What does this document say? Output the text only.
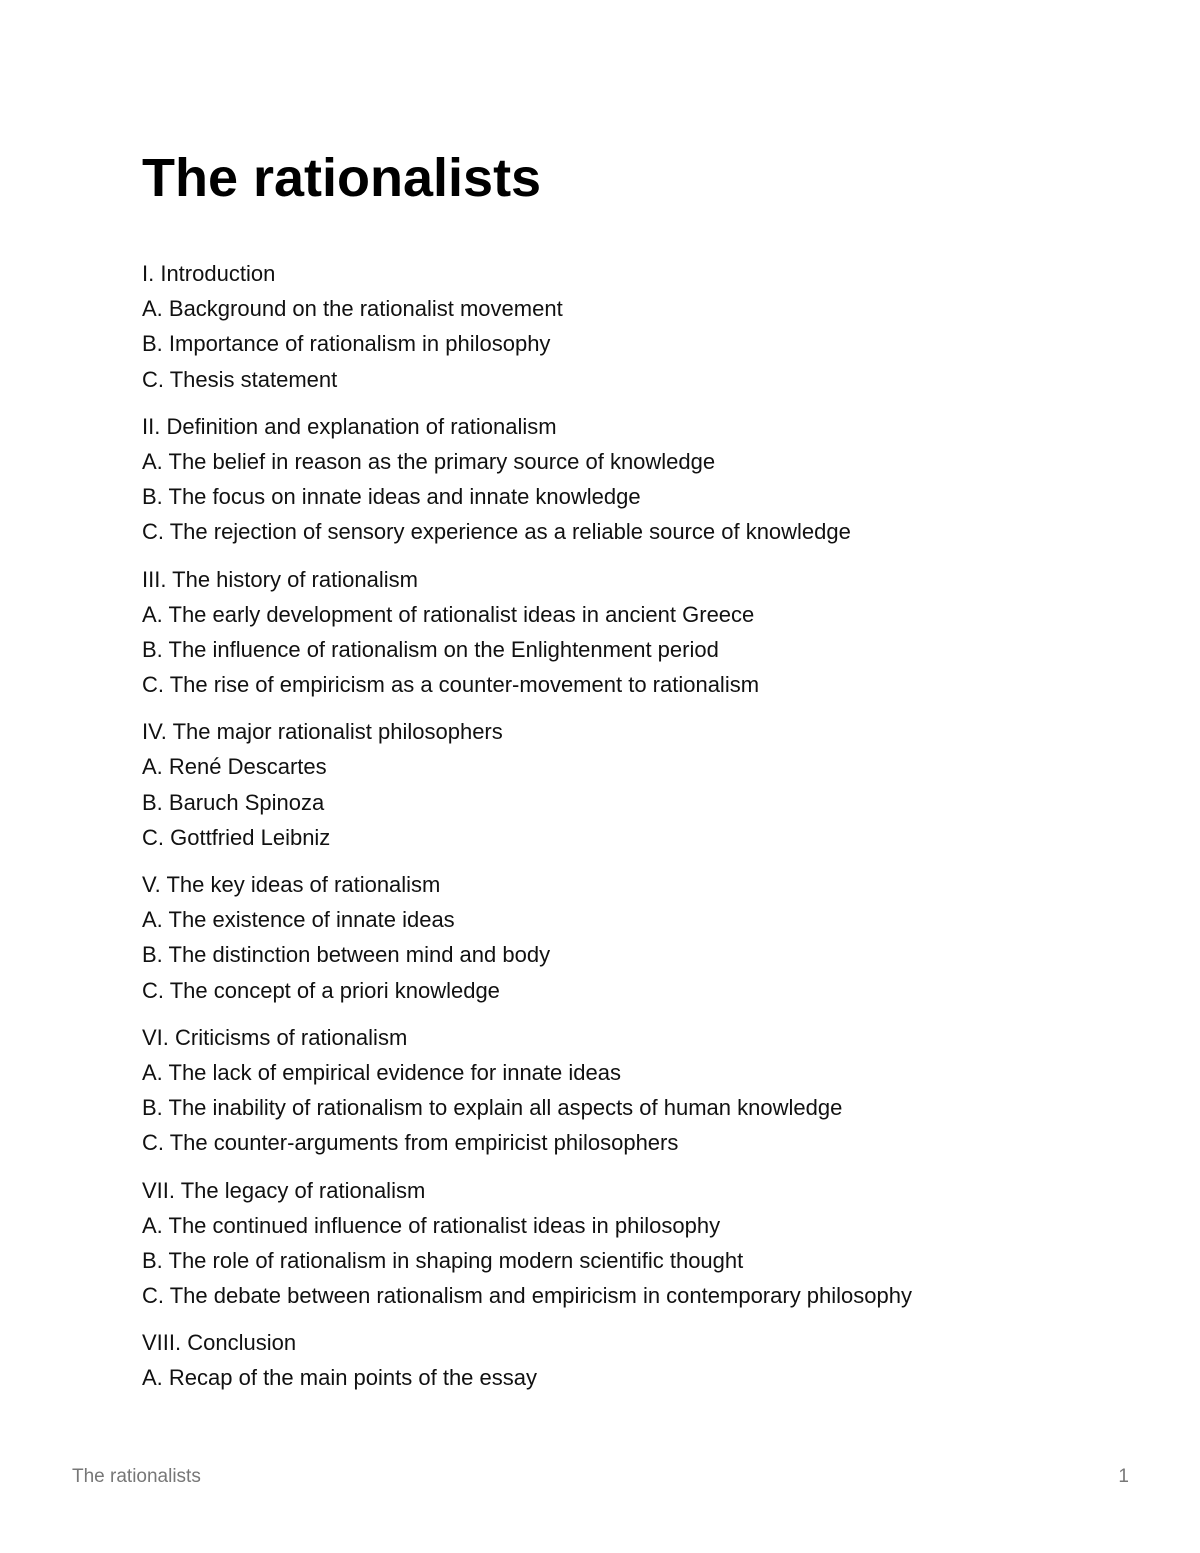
The rationalists
I. Introduction
A. Background on the rationalist movement
B. Importance of rationalism in philosophy
C. Thesis statement
II. Definition and explanation of rationalism
A. The belief in reason as the primary source of knowledge
B. The focus on innate ideas and innate knowledge
C. The rejection of sensory experience as a reliable source of knowledge
III. The history of rationalism
A. The early development of rationalist ideas in ancient Greece
B. The influence of rationalism on the Enlightenment period
C. The rise of empiricism as a counter-movement to rationalism
IV. The major rationalist philosophers
A. René Descartes
B. Baruch Spinoza
C. Gottfried Leibniz
V. The key ideas of rationalism
A. The existence of innate ideas
B. The distinction between mind and body
C. The concept of a priori knowledge
VI. Criticisms of rationalism
A. The lack of empirical evidence for innate ideas
B. The inability of rationalism to explain all aspects of human knowledge
C. The counter-arguments from empiricist philosophers
VII. The legacy of rationalism
A. The continued influence of rationalist ideas in philosophy
B. The role of rationalism in shaping modern scientific thought
C. The debate between rationalism and empiricism in contemporary philosophy
VIII. Conclusion
A. Recap of the main points of the essay
The rationalists	1
